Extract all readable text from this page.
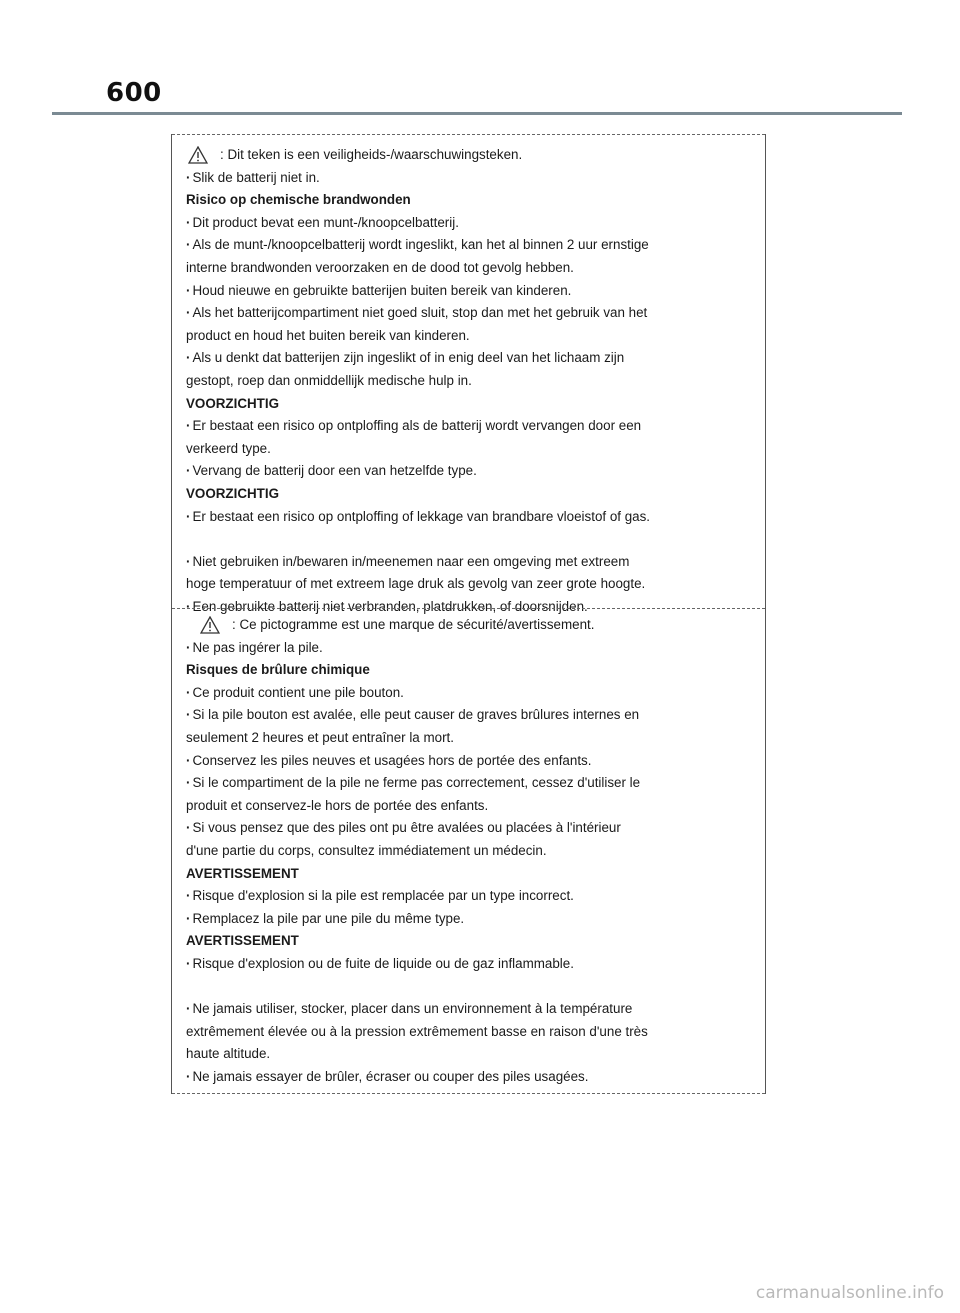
600
: Dit teken is een veiligheids-/waarschuwingsteken.
· Slik de batterij niet in.
Risico op chemische brandwonden
· Dit product bevat een munt-/knoopcelbatterij.
· Als de munt-/knoopcelbatterij wordt ingeslikt, kan het al binnen 2 uur ernstige
interne brandwonden veroorzaken en de dood tot gevolg hebben.
· Houd nieuwe en gebruikte batterijen buiten bereik van kinderen.
· Als het batterijcompartiment niet goed sluit, stop dan met het gebruik van het
product en houd het buiten bereik van kinderen.
· Als u denkt dat batterijen zijn ingeslikt of in enig deel van het lichaam zijn
gestopt, roep dan onmiddellijk medische hulp in.
VOORZICHTIG
· Er bestaat een risico op ontploffing als de batterij wordt vervangen door een
verkeerd type.
· Vervang de batterij door een van hetzelfde type.
VOORZICHTIG
· Er bestaat een risico op ontploffing of lekkage van brandbare vloeistof of gas.
· Niet gebruiken in/bewaren in/meenemen naar een omgeving met extreem
hoge temperatuur of met extreem lage druk als gevolg van zeer grote hoogte.
· Een gebruikte batterij niet verbranden, platdrukken, of doorsnijden.
: Ce pictogramme est une marque de sécurité/avertissement.
· Ne pas ingérer la pile.
Risques de brûlure chimique
· Ce produit contient une pile bouton.
· Si la pile bouton est avalée, elle peut causer de graves brûlures internes en
seulement 2 heures et peut entraîner la mort.
· Conservez les piles neuves et usagées hors de portée des enfants.
· Si le compartiment de la pile ne ferme pas correctement, cessez d'utiliser le
produit et conservez-le hors de portée des enfants.
· Si vous pensez que des piles ont pu être avalées ou placées à l'intérieur
d'une partie du corps, consultez immédiatement un médecin.
AVERTISSEMENT
· Risque d'explosion si la pile est remplacée par un type incorrect.
· Remplacez la pile par une pile du même type.
AVERTISSEMENT
· Risque d'explosion ou de fuite de liquide ou de gaz inflammable.
· Ne jamais utiliser, stocker, placer dans un environnement à la température
extrêmement élevée ou à la pression extrêmement basse en raison d'une très
haute altitude.
· Ne jamais essayer de brûler, écraser ou couper des piles usagées.
carmanualsonline.info
